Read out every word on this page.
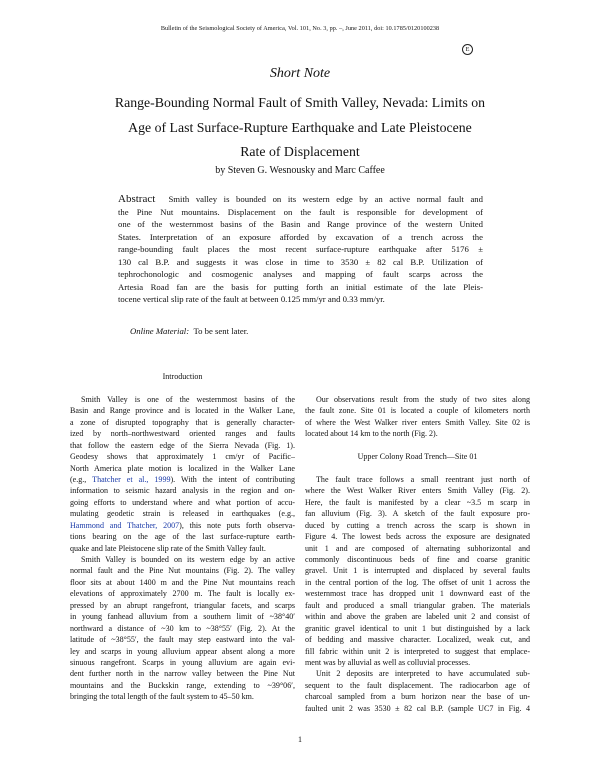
Bulletin of the Seismological Society of America, Vol. 101, No. 3, pp. –, June 2011, doi: 10.1785/0120100238
E
Short Note
Range-Bounding Normal Fault of Smith Valley, Nevada: Limits on
Age of Last Surface-Rupture Earthquake and Late Pleistocene
Rate of Displacement
by Steven G. Wesnousky and Marc Caffee
Abstract Smith valley is bounded on its western edge by an active normal fault and
the Pine Nut mountains. Displacement on the fault is responsible for development of
one of the westernmost basins of the Basin and Range province of the western United
States. Interpretation of an exposure afforded by excavation of a trench across the
range-bounding fault places the most recent surface-rupture earthquake after 5176 ±
130 cal B.P. and suggests it was close in time to 3530 ± 82 cal B.P. Utilization of
tephrochonologic and cosmogenic analyses and mapping of fault scarps across the
Artesia Road fan are the basis for putting forth an initial estimate of the late Pleis-
tocene vertical slip rate of the fault at between 0.125 mm/yr and 0.33 mm/yr.
Online Material: To be sent later.
Introduction
Smith Valley is one of the westernmost basins of the
Basin and Range province and is located in the Walker Lane,
a zone of disrupted topography that is generally character-
ized by north–northwestward oriented ranges and faults
that follow the eastern edge of the Sierra Nevada (Fig. 1).
Geodesy shows that approximately 1 cm/yr of Pacific–
North America plate motion is localized in the Walker Lane
(e.g., Thatcher et al., 1999). With the intent of contributing
information to seismic hazard analysis in the region and on-
going efforts to understand where and what portion of accu-
mulating geodetic strain is released in earthquakes (e.g.,
Hammond and Thatcher, 2007), this note puts forth observa-
tions bearing on the age of the last surface-rupture earth-
quake and late Pleistocene slip rate of the Smith Valley fault.
Smith Valley is bounded on its western edge by an active
normal fault and the Pine Nut mountains (Fig. 2). The valley
floor sits at about 1400 m and the Pine Nut mountains reach
elevations of approximately 2700 m. The fault is locally ex-
pressed by an abrupt rangefront, triangular facets, and scarps
in young fanhead alluvium from a southern limit of ~38°40′
northward a distance of ~30 km to ~38°55′ (Fig. 2). At the
latitude of ~38°55′, the fault may step eastward into the val-
ley and scarps in young alluvium appear absent along a more
sinuous rangefront. Scarps in young alluvium are again evi-
dent further north in the narrow valley between the Pine Nut
mountains and the Buckskin range, extending to ~39°06′,
bringing the total length of the fault system to 45–50 km.
Our observations result from the study of two sites along
the fault zone. Site 01 is located a couple of kilometers north
of where the West Walker river enters Smith Valley. Site 02 is
located about 14 km to the north (Fig. 2).
Upper Colony Road Trench—Site 01
The fault trace follows a small reentrant just north of
where the West Walker River enters Smith Valley (Fig. 2).
Here, the fault is manifested by a clear ~3.5 m scarp in
fan alluvium (Fig. 3). A sketch of the fault exposure pro-
duced by cutting a trench across the scarp is shown in
Figure 4. The lowest beds across the exposure are designated
unit 1 and are composed of alternating subhorizontal and
commonly discontinuous beds of fine and coarse granitic
gravel. Unit 1 is interrupted and displaced by several faults
in the central portion of the log. The offset of unit 1 across the
westernmost trace has dropped unit 1 downward east of the
fault and produced a small triangular graben. The materials
within and above the graben are labeled unit 2 and consist of
granitic gravel identical to unit 1 but distinguished by a lack
of bedding and massive character. Localized, weak cut, and
fill fabric within unit 2 is interpreted to suggest that emplace-
ment was by alluvial as well as colluvial processes.
Unit 2 deposits are interpreted to have accumulated sub-
sequent to the fault displacement. The radiocarbon age of
charcoal sampled from a burn horizon near the base of un-
faulted unit 2 was 3530 ± 82 cal B.P. (sample UC7 in Fig. 4
1
